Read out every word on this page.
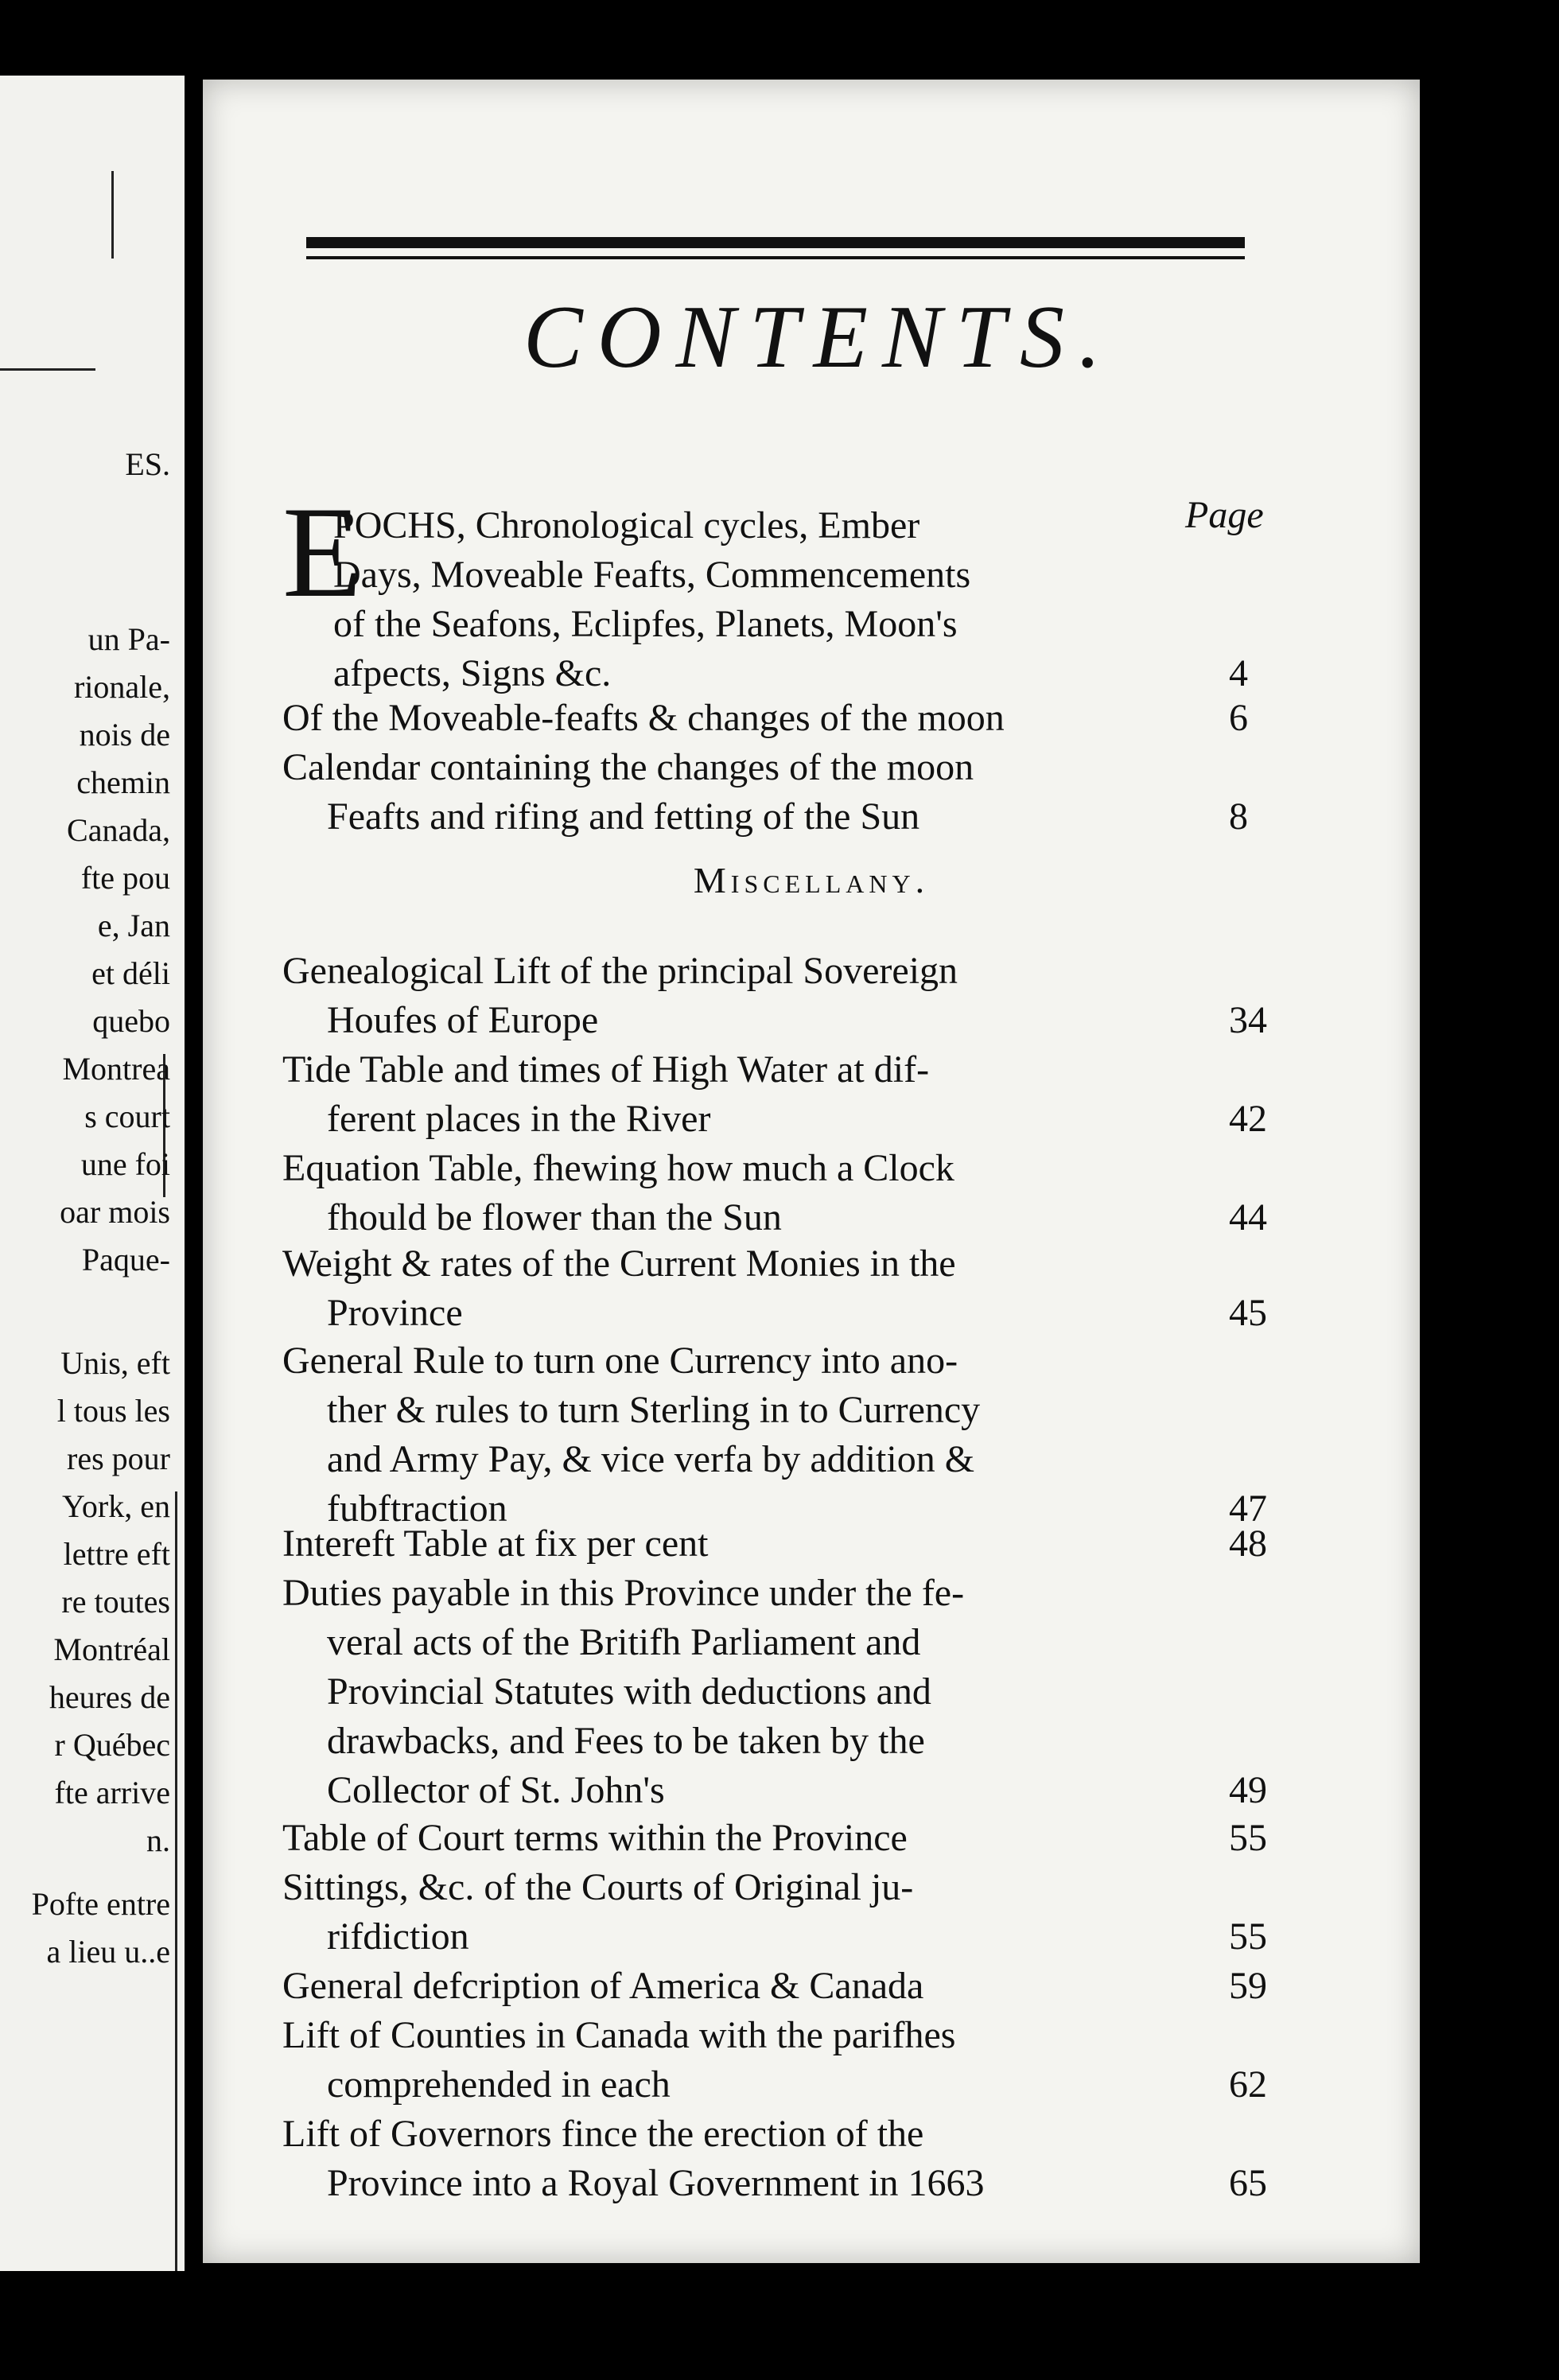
ES.
un Pa-
rionale,
nois de
chemin
Canada,
fte pou
e, Jan
et déli
quebo
Montrea
s court
une foi
oar mois
Paque-
Unis, eft
l tous les
res pour
York, en
lettre eft
re toutes
Montréal
heures de
r Québec
fte arrive
n.
Pofte entre
a lieu u..e
CONTENTS.
E	Page
Miscellany.
POCHS, Chronological cycles, Ember
Days, Moveable Feafts, Commencements
of the Seafons, Eclipfes, Planets, Moon's
afpects, Signs &c.	4
Of the Moveable-feafts & changes of the moon	6
Calendar containing the changes of the moon
Feafts and rifing and fetting of the Sun	8
Genealogical Lift of the principal Sovereign
Houfes of Europe	34
Tide Table and times of High Water at dif-
ferent places in the River	42
Equation Table, fhewing how much a Clock
fhould be flower than the Sun	44
Weight & rates of the Current Monies in the
Province	45
General Rule to turn one Currency into ano-
ther & rules to turn Sterling in to Currency
and Army Pay, & vice verfa by addition &
fubftraction	47
Intereft Table at fix per cent	48
Duties payable in this Province under the fe-
veral acts of the Britifh Parliament and
Provincial Statutes with deductions and
drawbacks, and Fees to be taken by the
Collector of St. John's	49
Table of Court terms within the Province	55
Sittings, &c. of the Courts of Original ju-
rifdiction	55
General defcription of America & Canada	59
Lift of Counties in Canada with the parifhes
comprehended in each	62
Lift of Governors fince the erection of the
Province into a Royal Government in 1663	65
